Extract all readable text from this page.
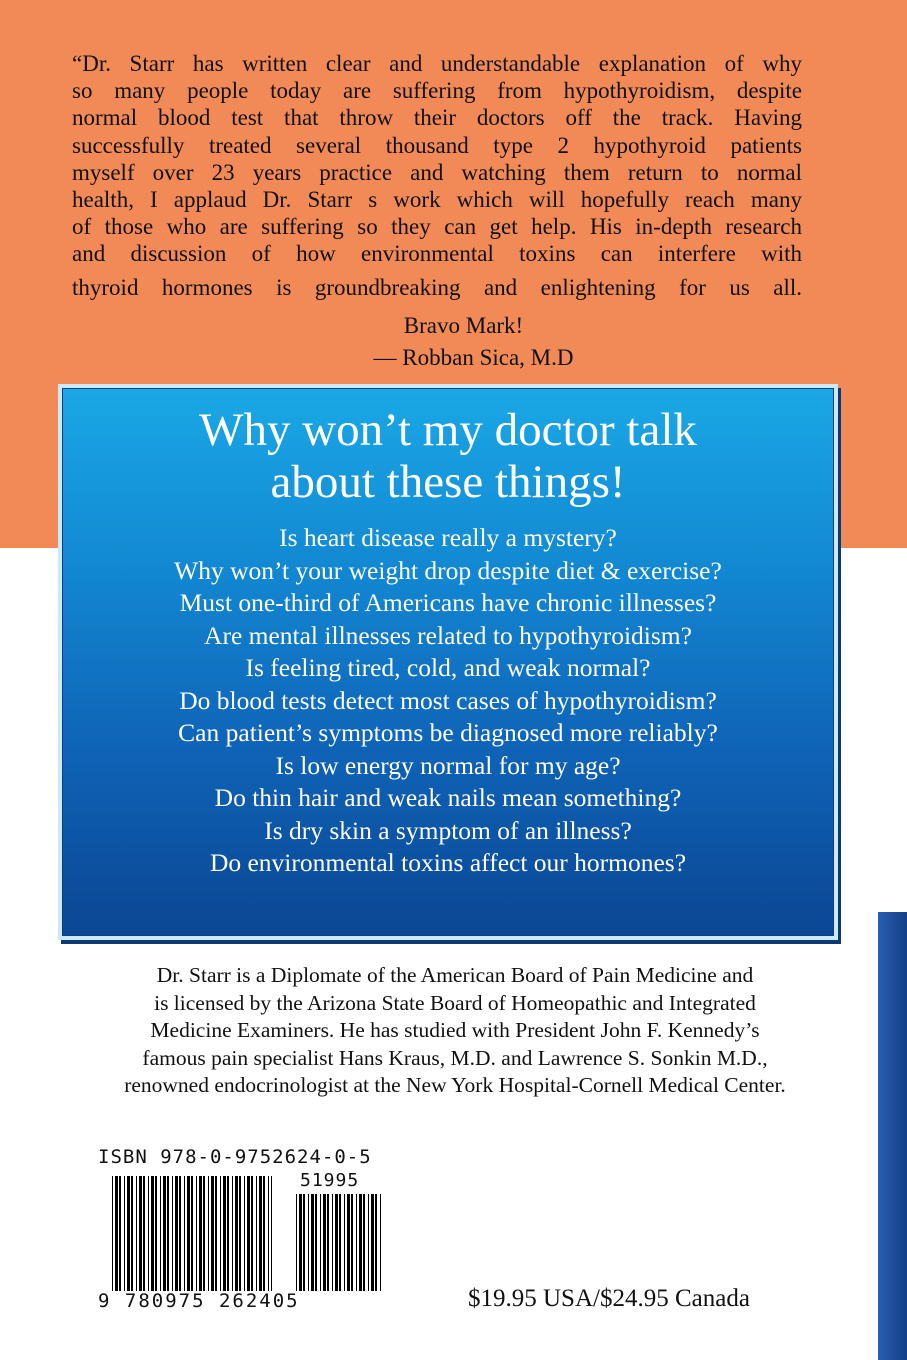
“Dr. Starr has written clear and understandable explanation of why
so many people today are suffering from hypothyroidism, despite
normal blood test that throw their doctors off the track. Having
successfully treated several thousand type 2 hypothyroid patients
myself over 23 years practice and watching them return to normal
health, I applaud Dr. Starr s work which will hopefully reach many
of those who are suffering so they can get help. His in-depth research
and discussion of how environmental toxins can interfere with
thyroid hormones is groundbreaking and enlightening for us all.
Bravo Mark!
— Robban Sica, M.D
Why won’t my doctor talk
about these things!
Is heart disease really a mystery?
Why won’t your weight drop despite diet & exercise?
Must one-third of Americans have chronic illnesses?
Are mental illnesses related to hypothyroidism?
Is feeling tired, cold, and weak normal?
Do blood tests detect most cases of hypothyroidism?
Can patient’s symptoms be diagnosed more reliably?
Is low energy normal for my age?
Do thin hair and weak nails mean something?
Is dry skin a symptom of an illness?
Do environmental toxins affect our hormones?
Dr. Starr is a Diplomate of the American Board of Pain Medicine and
is licensed by the Arizona State Board of Homeopathic and Integrated
Medicine Examiners. He has studied with President John F. Kennedy’s
famous pain specialist Hans Kraus, M.D. and Lawrence S. Sonkin M.D.,
renowned endocrinologist at the New York Hospital-Cornell Medical Center.
ISBN 978-0-9752624-0-5
51995
9 780975 262405	$19.95 USA/$24.95 Canada
